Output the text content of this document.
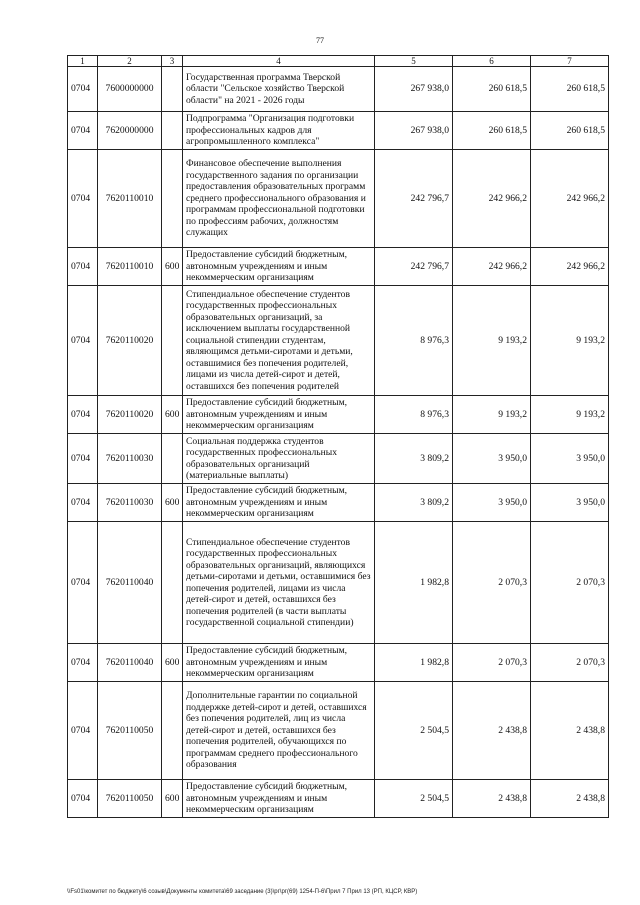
77
1	2	3	4	5	6	7
0704	7600000000		Государственная программа Тверской области "Сельское хозяйство Тверской области" на 2021 - 2026 годы	267 938,0	260 618,5	260 618,5
0704	7620000000		Подпрограмма "Организация подготовки профессиональных кадров для агропромышленного комплекса"	267 938,0	260 618,5	260 618,5
0704	7620110010		Финансовое обеспечение выполнения государственного задания по организации предоставления образовательных программ среднего профессионального образования и программам профессиональной подготовки по профессиям рабочих, должностям служащих	242 796,7	242 966,2	242 966,2
0704	7620110010	600	Предоставление субсидий бюджетным, автономным учреждениям и иным некоммерческим организациям	242 796,7	242 966,2	242 966,2
0704	7620110020		Стипендиальное обеспечение студентов государственных профессиональных образовательных организаций, за исключением выплаты государственной социальной стипендии студентам, являющимся детьми-сиротами и детьми, оставшимися без попечения родителей, лицами из числа детей-сирот и детей, оставшихся без попечения родителей	8 976,3	9 193,2	9 193,2
0704	7620110020	600	Предоставление субсидий бюджетным, автономным учреждениям и иным некоммерческим организациям	8 976,3	9 193,2	9 193,2
0704	7620110030		Социальная поддержка студентов государственных профессиональных образовательных организаций (материальные выплаты)	3 809,2	3 950,0	3 950,0
0704	7620110030	600	Предоставление субсидий бюджетным, автономным учреждениям и иным некоммерческим организациям	3 809,2	3 950,0	3 950,0
0704	7620110040		Стипендиальное обеспечение студентов государственных профессиональных образовательных организаций, являющихся детьми-сиротами и детьми, оставшимися без попечения родителей, лицами из числа детей-сирот и детей, оставшихся без попечения родителей (в части выплаты государственной социальной стипендии)	1 982,8	2 070,3	2 070,3
0704	7620110040	600	Предоставление субсидий бюджетным, автономным учреждениям и иным некоммерческим организациям	1 982,8	2 070,3	2 070,3
0704	7620110050		Дополнительные гарантии по социальной поддержке детей-сирот и детей, оставшихся без попечения родителей, лиц из числа детей-сирот и детей, оставшихся без попечения родителей, обучающихся по программам среднего профессионального образования	2 504,5	2 438,8	2 438,8
0704	7620110050	600	Предоставление субсидий бюджетным, автономным учреждениям и иным некоммерческим организациям	2 504,5	2 438,8	2 438,8
\\Fs01\комитет по бюджету\6 созыв\Документы комитета\69 заседание (3)\рг\рг(69) 1254-П-6\Прил 7 Прил 13 (РП, КЦСР, КВР)
